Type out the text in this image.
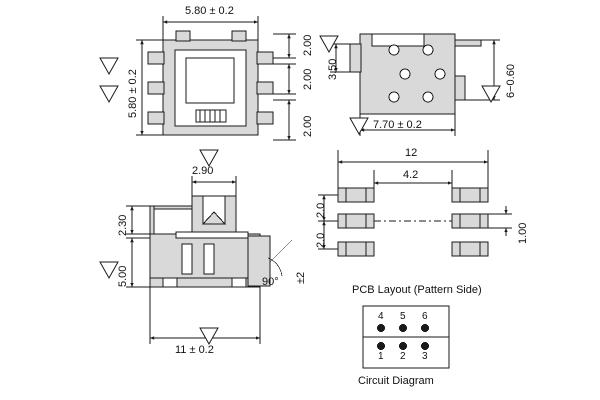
5.80 ± 0.2
5.80 ± 0.2
2.00
2.00
2.00	7.70 ± 0.2
3.50	6−0.60
2.90
2.30
5.00
11 ± 0.2
90° ±2
12
4.2
2.0
2.0	1.00
PCB Layout (Pattern Side)
Circuit Diagram
4 5 6
1 2 3
